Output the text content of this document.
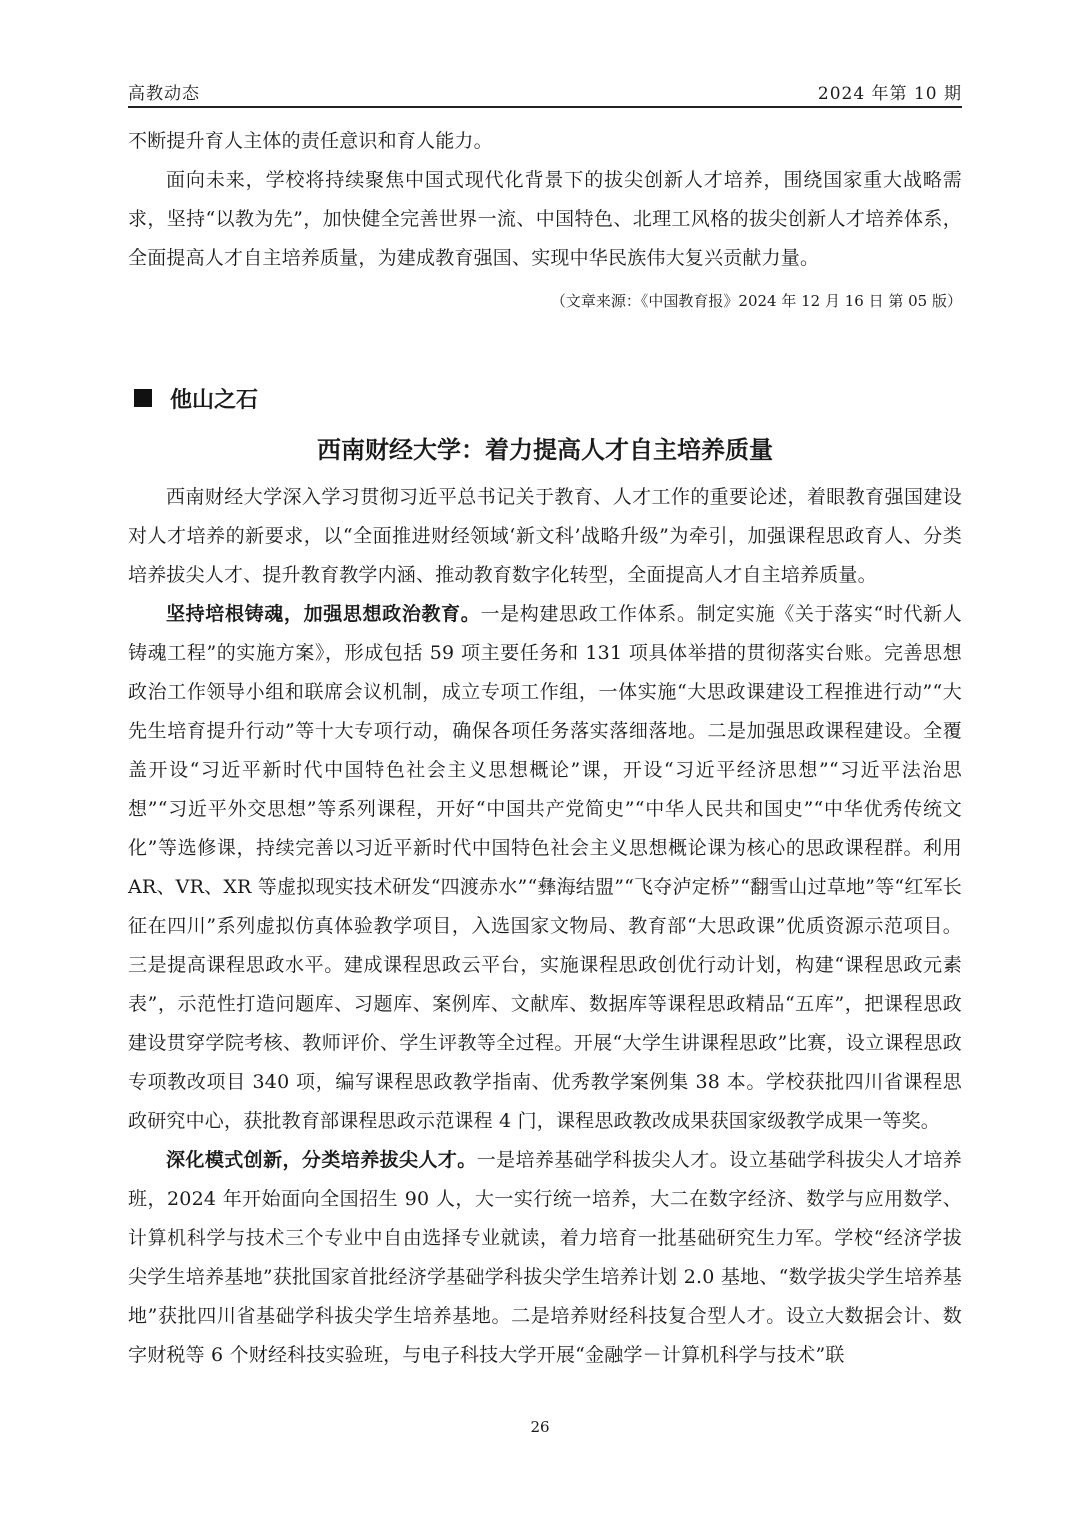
高教动态	2024 年第 10 期

不断提升育人主体的责任意识和育人能力。

面向未来，学校将持续聚焦中国式现代化背景下的拔尖创新人才培养，围绕国家重大战略需求，坚持“以教为先”，加快健全完善世界一流、中国特色、北理工风格的拔尖创新人才培养体系，全面提高人才自主培养质量，为建成教育强国、实现中华民族伟大复兴贡献力量。

（文章来源：《中国教育报》2024 年 12 月 16 日 第 05 版）
他山之石
西南财经大学：着力提高人才自主培养质量

西南财经大学深入学习贯彻习近平总书记关于教育、人才工作的重要论述，着眼教育强国建设对人才培养的新要求，以“全面推进财经领域‘新文科’战略升级”为牵引，加强课程思政育人、分类培养拔尖人才、提升教育教学内涵、推动教育数字化转型，全面提高人才自主培养质量。

坚持培根铸魂，加强思想政治教育。一是构建思政工作体系。制定实施《关于落实“时代新人铸魂工程”的实施方案》，形成包括 59 项主要任务和 131 项具体举措的贯彻落实台账。完善思想政治工作领导小组和联席会议机制，成立专项工作组，一体实施“大思政课建设工程推进行动”“大先生培育提升行动”等十大专项行动，确保各项任务落实落细落地。二是加强思政课程建设。全覆盖开设“习近平新时代中国特色社会主义思想概论”课，开设“习近平经济思想”“习近平法治思想”“习近平外交思想”等系列课程，开好“中国共产党简史”“中华人民共和国史”“中华优秀传统文化”等选修课，持续完善以习近平新时代中国特色社会主义思想概论课为核心的思政课程群。利用 AR、VR、XR 等虚拟现实技术研发“四渡赤水”“彝海结盟”“飞夺泸定桥”“翻雪山过草地”等“红军长征在四川”系列虚拟仿真体验教学项目，入选国家文物局、教育部“大思政课”优质资源示范项目。三是提高课程思政水平。建成课程思政云平台，实施课程思政创优行动计划，构建“课程思政元素表”，示范性打造问题库、习题库、案例库、文献库、数据库等课程思政精品“五库”，把课程思政建设贯穿学院考核、教师评价、学生评教等全过程。开展“大学生讲课程思政”比赛，设立课程思政专项教改项目 340 项，编写课程思政教学指南、优秀教学案例集 38 本。学校获批四川省课程思政研究中心，获批教育部课程思政示范课程 4 门，课程思政教改成果获国家级教学成果一等奖。

深化模式创新，分类培养拔尖人才。一是培养基础学科拔尖人才。设立基础学科拔尖人才培养班，2024 年开始面向全国招生 90 人，大一实行统一培养，大二在数字经济、数学与应用数学、计算机科学与技术三个专业中自由选择专业就读，着力培育一批基础研究生力军。学校“经济学拔尖学生培养基地”获批国家首批经济学基础学科拔尖学生培养计划 2.0 基地、“数学拔尖学生培养基地”获批四川省基础学科拔尖学生培养基地。二是培养财经科技复合型人才。设立大数据会计、数字财税等 6 个财经科技实验班，与电子科技大学开展“金融学－计算机科学与技术”联

26
